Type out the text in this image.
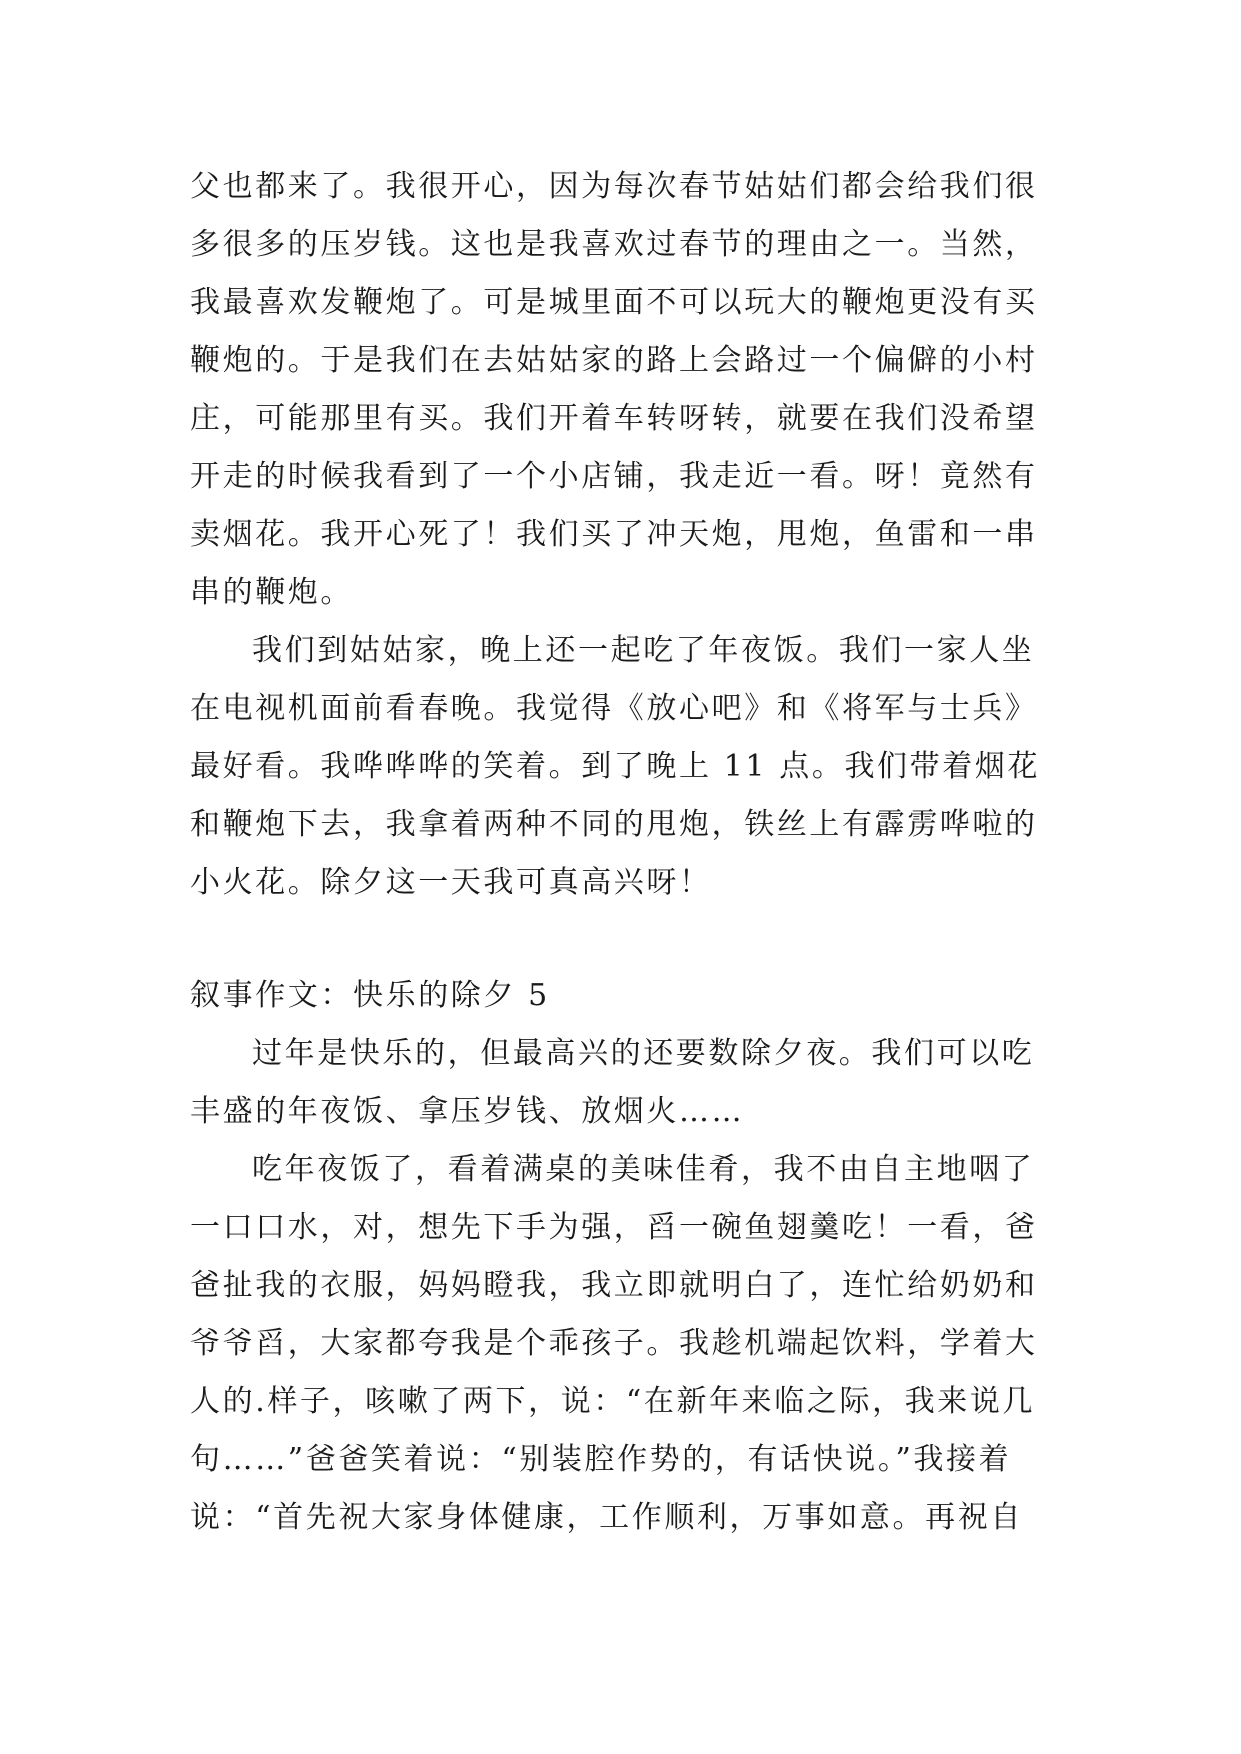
父也都来了。我很开心，因为每次春节姑姑们都会给我们很
多很多的压岁钱。这也是我喜欢过春节的理由之一。当然，
我最喜欢发鞭炮了。可是城里面不可以玩大的鞭炮更没有买
鞭炮的。于是我们在去姑姑家的路上会路过一个偏僻的小村
庄，可能那里有买。我们开着车转呀转，就要在我们没希望
开走的时候我看到了一个小店铺，我走近一看。呀！竟然有
卖烟花。我开心死了！我们买了冲天炮，甩炮，鱼雷和一串
串的鞭炮。
我们到姑姑家，晚上还一起吃了年夜饭。我们一家人坐
在电视机面前看春晚。我觉得《放心吧》和《将军与士兵》
最好看。我哗哗哗的笑着。到了晚上 11 点。我们带着烟花
和鞭炮下去，我拿着两种不同的甩炮，铁丝上有霹雳哗啦的
小火花。除夕这一天我可真高兴呀！
叙事作文：快乐的除夕 5
过年是快乐的，但最高兴的还要数除夕夜。我们可以吃
丰盛的年夜饭、拿压岁钱、放烟火……
吃年夜饭了，看着满桌的美味佳肴，我不由自主地咽了
一口口水，对，想先下手为强，舀一碗鱼翅羹吃！一看，爸
爸扯我的衣服，妈妈瞪我，我立即就明白了，连忙给奶奶和
爷爷舀，大家都夸我是个乖孩子。我趁机端起饮料，学着大
人的.样子，咳嗽了两下，说：“在新年来临之际，我来说几
句……”爸爸笑着说：“别装腔作势的，有话快说。”我接着
说：“首先祝大家身体健康，工作顺利，万事如意。再祝自
